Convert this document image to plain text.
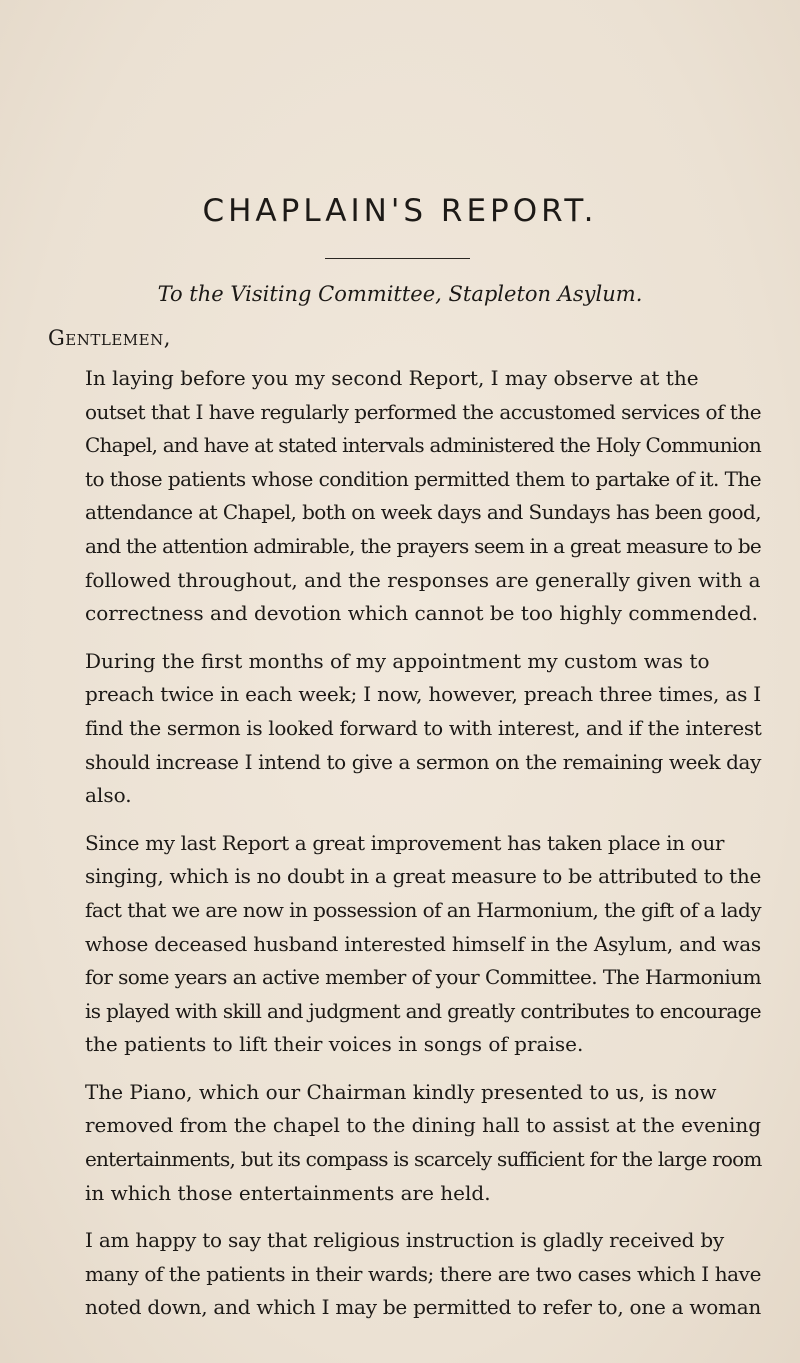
CHAPLAIN'S REPORT.
To the Visiting Committee, Stapleton Asylum.
Gentlemen,

In laying before you my second Report, I may observe at the
outset that I have regularly performed the accustomed services of the
Chapel, and have at stated intervals administered the Holy Communion
to those patients whose condition permitted them to partake of it. The
attendance at Chapel, both on week days and Sundays has been good,
and the attention admirable, the prayers seem in a great measure to be
followed throughout, and the responses are generally given with a
correctness and devotion which cannot be too highly commended.

During the first months of my appointment my custom was to
preach twice in each week; I now, however, preach three times, as I
find the sermon is looked forward to with interest, and if the interest
should increase I intend to give a sermon on the remaining week day
also.

Since my last Report a great improvement has taken place in our
singing, which is no doubt in a great measure to be attributed to the
fact that we are now in possession of an Harmonium, the gift of a lady
whose deceased husband interested himself in the Asylum, and was
for some years an active member of your Committee. The Harmonium
is played with skill and judgment and greatly contributes to encourage
the patients to lift their voices in songs of praise.

The Piano, which our Chairman kindly presented to us, is now
removed from the chapel to the dining hall to assist at the evening
entertainments, but its compass is scarcely sufficient for the large room
in which those entertainments are held.

I am happy to say that religious instruction is gladly received by
many of the patients in their wards; there are two cases which I have
noted down, and which I may be permitted to refer to, one a woman
